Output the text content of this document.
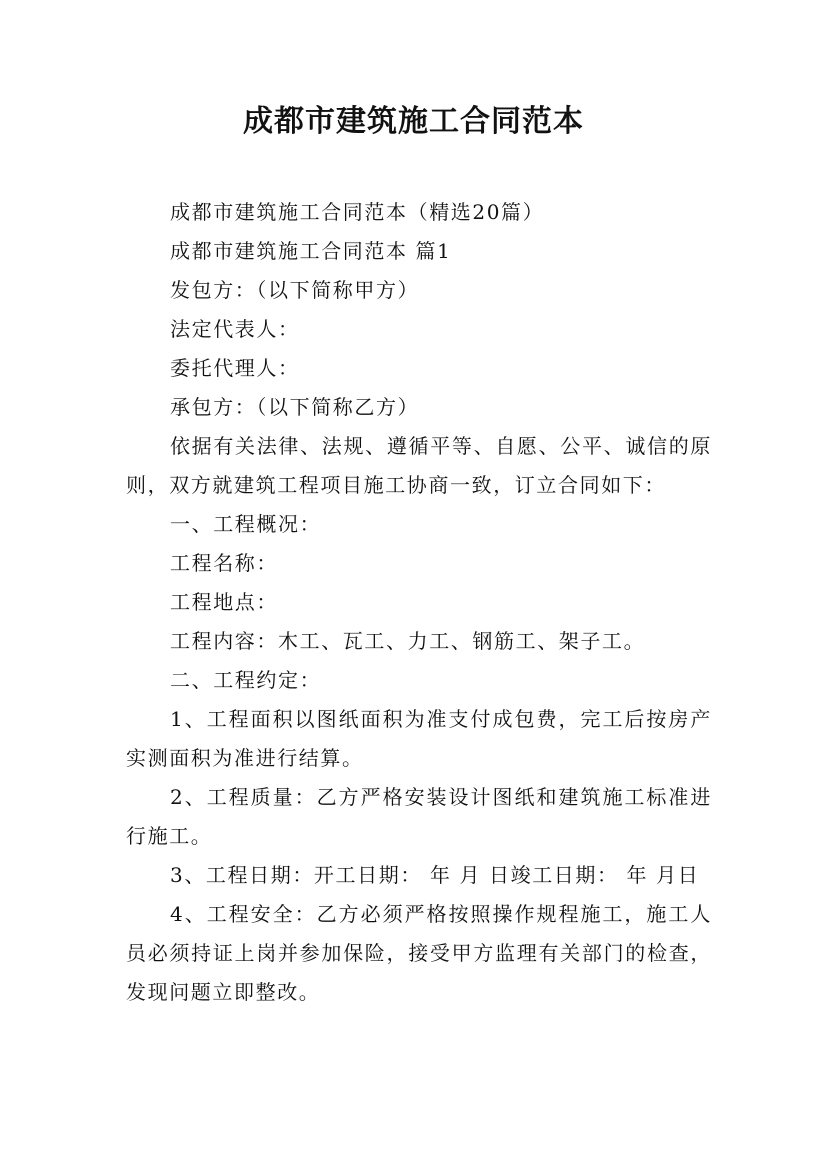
成都市建筑施工合同范本

成都市建筑施工合同范本（精选20篇）

成都市建筑施工合同范本 篇1

发包方：（以下简称甲方）

法定代表人：

委托代理人：

承包方：（以下简称乙方）

依据有关法律、法规、遵循平等、自愿、公平、诚信的原则，双方就建筑工程项目施工协商一致，订立合同如下：

一、工程概况：

工程名称：

工程地点：

工程内容：木工、瓦工、力工、钢筋工、架子工。

二、工程约定：

1、工程面积以图纸面积为准支付成包费，完工后按房产实测面积为准进行结算。

2、工程质量：乙方严格安装设计图纸和建筑施工标准进行施工。

3、工程日期：开工日期： 年 月 日竣工日期： 年 月日

4、工程安全：乙方必须严格按照操作规程施工，施工人员必须持证上岗并参加保险，接受甲方监理有关部门的检查，发现问题立即整改。
